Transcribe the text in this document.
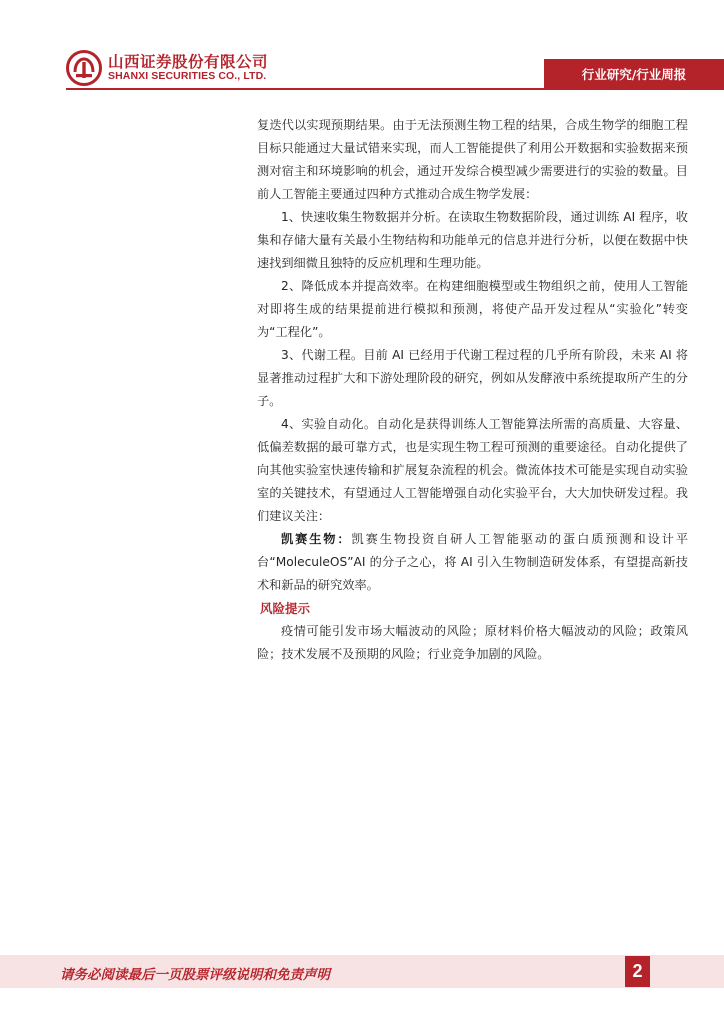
山西证券股份有限公司
SHANXI SECURITIES CO., LTD.	行业研究/行业周报

复迭代以实现预期结果。由于无法预测生物工程的结果，合成生物学的细胞工程目标只能通过大量试错来实现，而人工智能提供了利用公开数据和实验数据来预测对宿主和环境影响的机会，通过开发综合模型减少需要进行的实验的数量。目前人工智能主要通过四种方式推动合成生物学发展：

1、快速收集生物数据并分析。在读取生物数据阶段，通过训练 AI 程序，收集和存储大量有关最小生物结构和功能单元的信息并进行分析，以便在数据中快速找到细微且独特的反应机理和生理功能。

2、降低成本并提高效率。在构建细胞模型或生物组织之前，使用人工智能对即将生成的结果提前进行模拟和预测，将使产品开发过程从“实验化”转变为“工程化”。

3、代谢工程。目前 AI 已经用于代谢工程过程的几乎所有阶段，未来 AI 将显著推动过程扩大和下游处理阶段的研究，例如从发酵液中系统提取所产生的分子。

4、实验自动化。自动化是获得训练人工智能算法所需的高质量、大容量、低偏差数据的最可靠方式，也是实现生物工程可预测的重要途径。自动化提供了向其他实验室快速传输和扩展复杂流程的机会。微流体技术可能是实现自动实验室的关键技术，有望通过人工智能增强自动化实验平台，大大加快研发过程。我们建议关注：

凯赛生物：凯赛生物投资自研人工智能驱动的蛋白质预测和设计平台“MoleculeOS”AI 的分子之心，将 AI 引入生物制造研发体系，有望提高新技术和新品的研究效率。

风险提示

疫情可能引发市场大幅波动的风险；原材料价格大幅波动的风险；政策风险；技术发展不及预期的风险；行业竞争加剧的风险。

请务必阅读最后一页股票评级说明和免责声明	2
